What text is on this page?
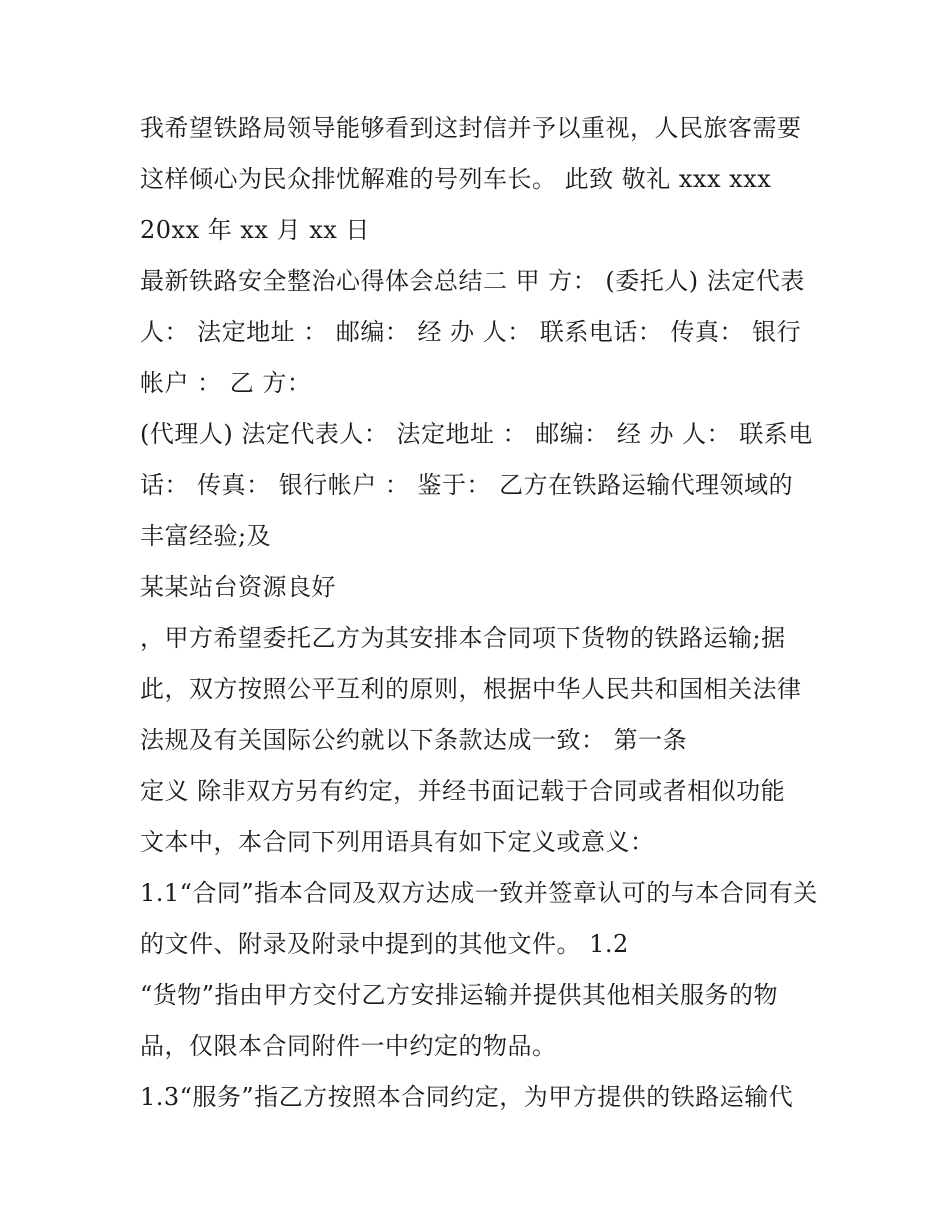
我希望铁路局领导能够看到这封信并予以重视，人民旅客需要
这样倾心为民众排忧解难的号列车长。 此致 敬礼 xxx xxx
20xx 年 xx 月 xx 日
最新铁路安全整治心得体会总结二 甲 方： (委托人) 法定代表
人： 法定地址 ： 邮编： 经 办 人： 联系电话： 传真： 银行
帐户 ： 乙 方：
(代理人) 法定代表人： 法定地址 ： 邮编： 经 办 人： 联系电
话： 传真： 银行帐户 ： 鉴于： 乙方在铁路运输代理领域的
丰富经验;及
某某站台资源良好
，甲方希望委托乙方为其安排本合同项下货物的铁路运输;据
此，双方按照公平互利的原则，根据中华人民共和国相关法律
法规及有关国际公约就以下条款达成一致： 第一条
定义 除非双方另有约定，并经书面记载于合同或者相似功能
文本中，本合同下列用语具有如下定义或意义：
1.1“合同”指本合同及双方达成一致并签章认可的与本合同有关
的文件、附录及附录中提到的其他文件。 1.2
“货物”指由甲方交付乙方安排运输并提供其他相关服务的物
品，仅限本合同附件一中约定的物品。
1.3“服务”指乙方按照本合同约定，为甲方提供的铁路运输代
